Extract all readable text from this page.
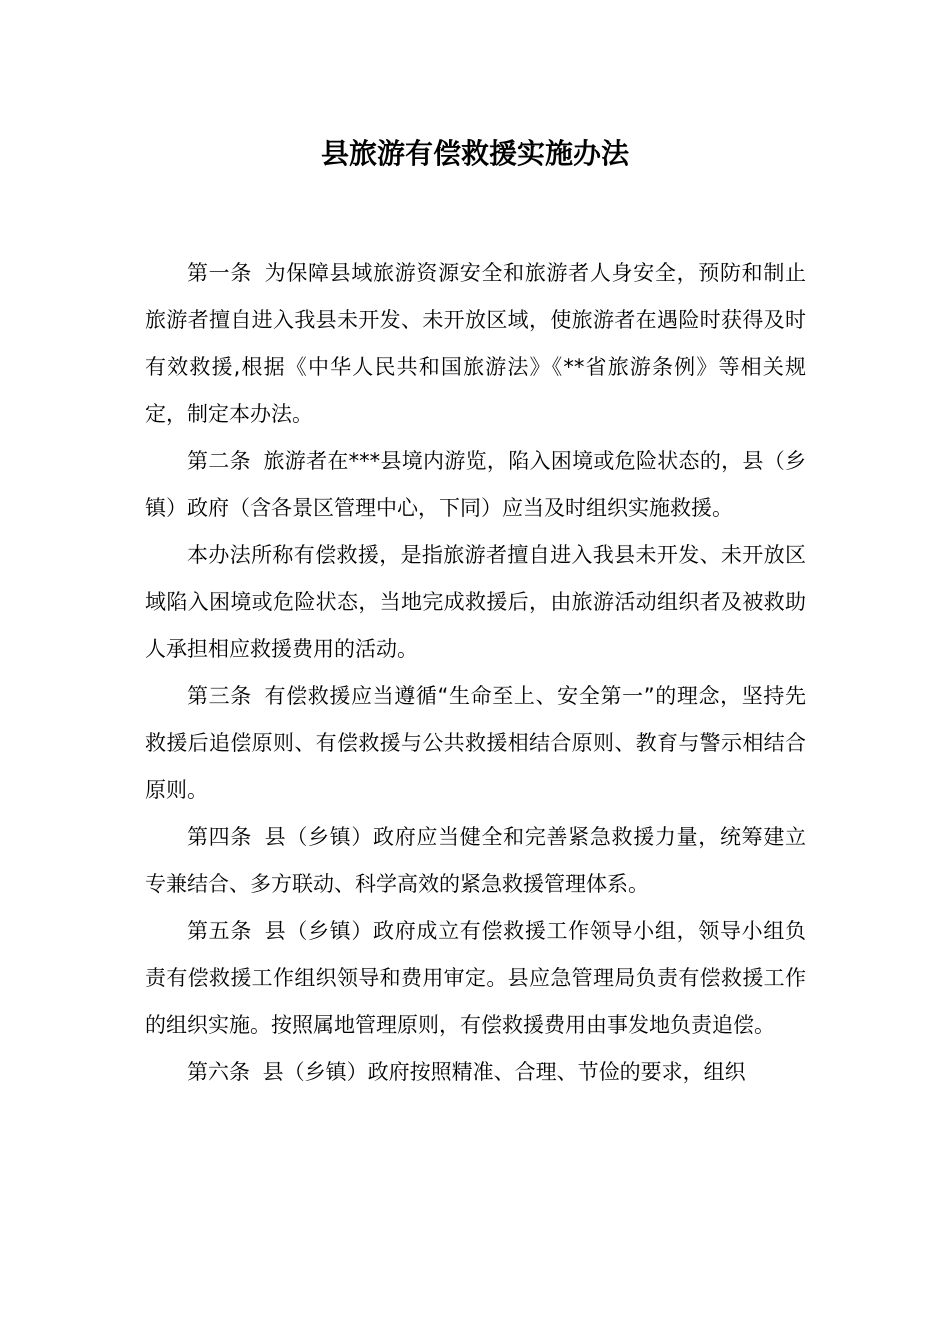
县旅游有偿救援实施办法

第一条 为保障县域旅游资源安全和旅游者人身安全，预防和制止旅游者擅自进入我县未开发、未开放区域，使旅游者在遇险时获得及时有效救援,根据《中华人民共和国旅游法》《**省旅游条例》等相关规定，制定本办法。

第二条 旅游者在***县境内游览，陷入困境或危险状态的，县（乡镇）政府（含各景区管理中心，下同）应当及时组织实施救援。

本办法所称有偿救援，是指旅游者擅自进入我县未开发、未开放区域陷入困境或危险状态，当地完成救援后，由旅游活动组织者及被救助人承担相应救援费用的活动。

第三条 有偿救援应当遵循“生命至上、安全第一”的理念，坚持先救援后追偿原则、有偿救援与公共救援相结合原则、教育与警示相结合原则。

第四条 县（乡镇）政府应当健全和完善紧急救援力量，统筹建立专兼结合、多方联动、科学高效的紧急救援管理体系。

第五条 县（乡镇）政府成立有偿救援工作领导小组，领导小组负责有偿救援工作组织领导和费用审定。县应急管理局负责有偿救援工作的组织实施。按照属地管理原则，有偿救援费用由事发地负责追偿。

第六条 县（乡镇）政府按照精准、合理、节俭的要求，组织
